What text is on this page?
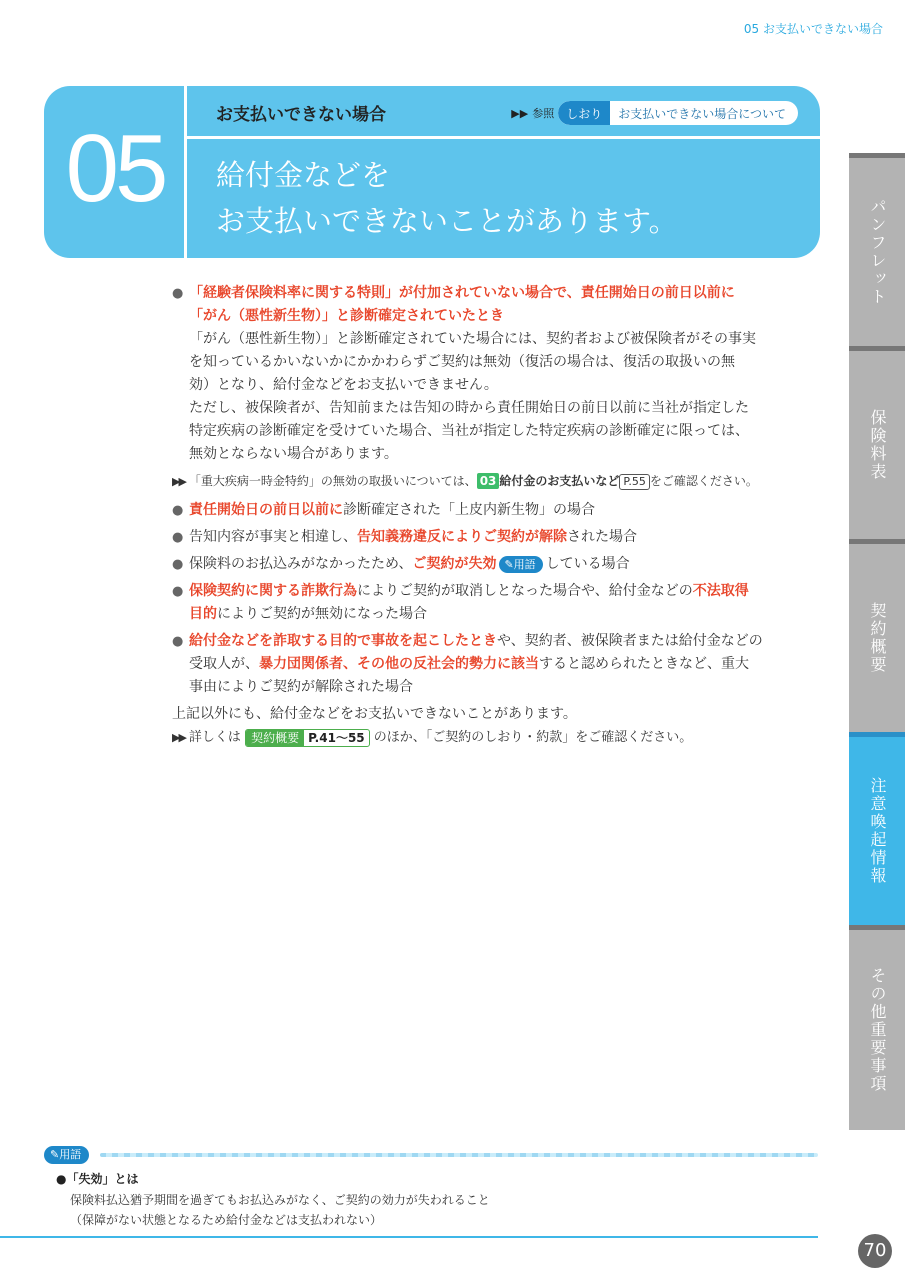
05 お支払いできない場合
05	お支払いできない場合	▶▶ 参照	しおり	お支払いできない場合について
給付金などを
お支払いできないことがあります。	パンフレット
保険料表
契約概要
注意喚起情報
その他重要事項
● 「経験者保険料率に関する特則」が付加されていない場合で、責任開始日の前日以前に
「がん（悪性新生物）」と診断確定されていたとき
「がん（悪性新生物）」と診断確定されていた場合には、契約者および被保険者がその事実
を知っているかいないかにかかわらずご契約は無効（復活の場合は、復活の取扱いの無
効）となり、給付金などをお支払いできません。
ただし、被保険者が、告知前または告知の時から責任開始日の前日以前に当社が指定した
特定疾病の診断確定を受けていた場合、当社が指定した特定疾病の診断確定に限っては、
無効とならない場合があります。
▶▶ 「重大疾病一時金特約」の無効の取扱いについては、 03 給付金のお支払いなど P.55 をご確認ください。
● 責任開始日の前日以前に診断確定された「上皮内新生物」の場合
● 告知内容が事実と相違し、告知義務違反によりご契約が解除された場合
● 保険料のお払込みがなかったため、ご契約が失効 ✎用語 している場合
● 保険契約に関する詐欺行為によりご契約が取消しとなった場合や、給付金などの不法取得
目的によりご契約が無効になった場合
● 給付金などを詐取する目的で事故を起こしたときや、契約者、被保険者または給付金などの
受取人が、暴力団関係者、その他の反社会的勢力に該当すると認められたときなど、重大
事由によりご契約が解除された場合
上記以外にも、給付金などをお支払いできないことがあります。
▶▶ 詳しくは 契約概要 P.41～55 のほか、「ご契約のしおり・約款」をご確認ください。
✎用語
●「失効」とは
保険料払込猶予期間を過ぎてもお払込みがなく、ご契約の効力が失われること
（保障がない状態となるため給付金などは支払われない）
70
